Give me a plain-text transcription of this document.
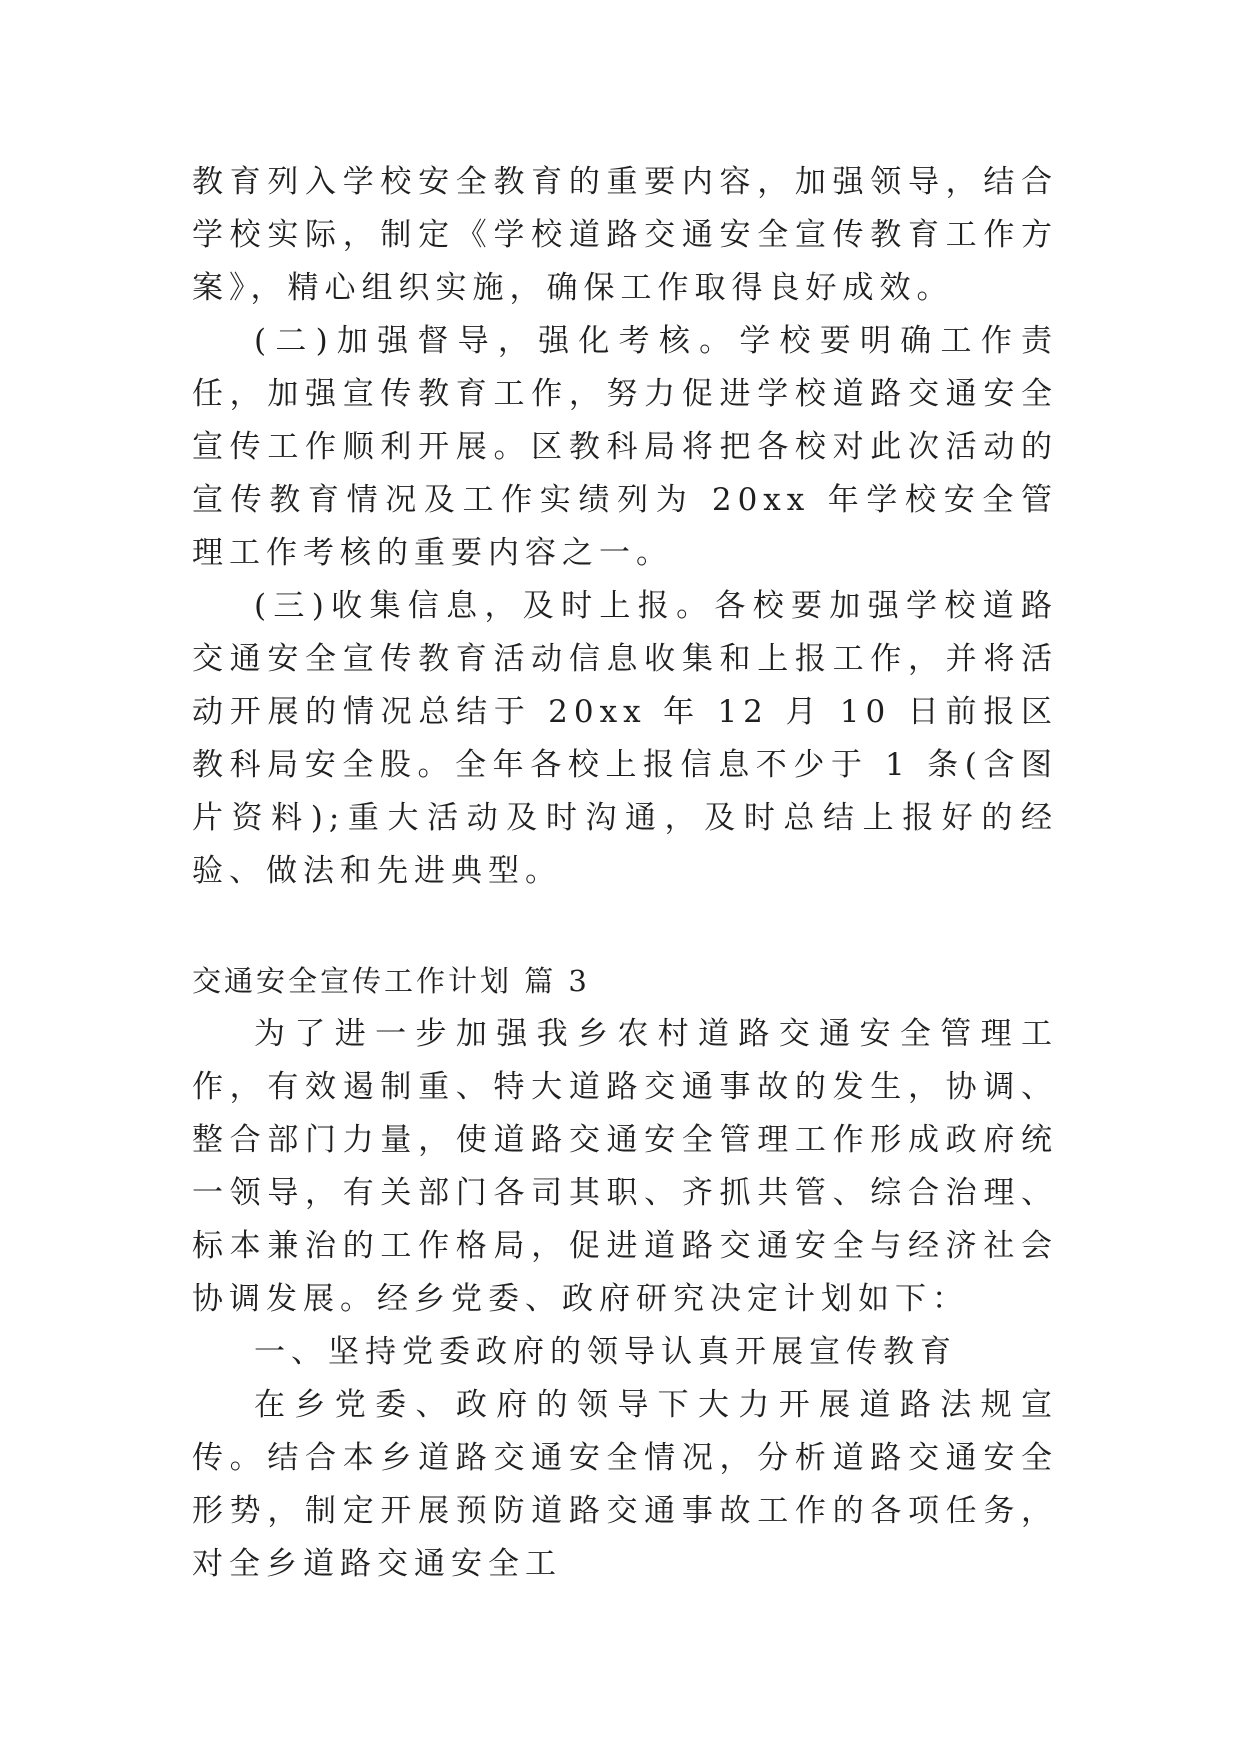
教育列入学校安全教育的重要内容，加强领导，结合学校实际，制定《学校道路交通安全宣传教育工作方案》，精心组织实施，确保工作取得良好成效。

(二)加强督导，强化考核。学校要明确工作责任，加强宣传教育工作，努力促进学校道路交通安全宣传工作顺利开展。区教科局将把各校对此次活动的宣传教育情况及工作实绩列为 20xx 年学校安全管理工作考核的重要内容之一。

(三)收集信息，及时上报。各校要加强学校道路交通安全宣传教育活动信息收集和上报工作，并将活动开展的情况总结于 20xx 年 12 月 10 日前报区教科局安全股。全年各校上报信息不少于 1 条(含图片资料);重大活动及时沟通，及时总结上报好的经验、做法和先进典型。

交通安全宣传工作计划 篇 3

为了进一步加强我乡农村道路交通安全管理工作，有效遏制重、特大道路交通事故的发生，协调、整合部门力量，使道路交通安全管理工作形成政府统一领导，有关部门各司其职、齐抓共管、综合治理、标本兼治的工作格局，促进道路交通安全与经济社会协调发展。经乡党委、政府研究决定计划如下：

一、坚持党委政府的领导认真开展宣传教育

在乡党委、政府的领导下大力开展道路法规宣传。结合本乡道路交通安全情况，分析道路交通安全形势，制定开展预防道路交通事故工作的各项任务，对全乡道路交通安全工
